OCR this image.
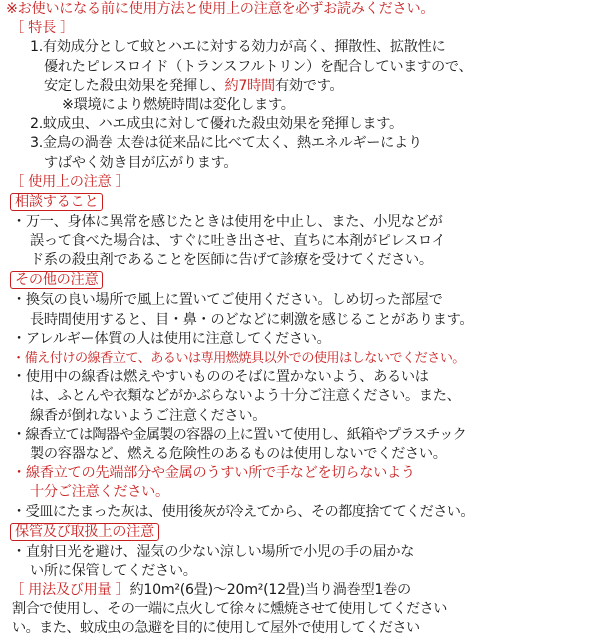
※お使いになる前に使用方法と使用上の注意を必ずお読みください。
［ 特長 ］
1.有効成分として蚊とハエに対する効力が高く、揮散性、拡散性に
優れたピレスロイド（トランスフルトリン）を配合していますので、
安定した殺虫効果を発揮し、約7時間有効です。
※環境により燃焼時間は変化します。
2.蚊成虫、ハエ成虫に対して優れた殺虫効果を発揮します。
3.金鳥の渦巻 太巻は従来品に比べて太く、熱エネルギーにより
すばやく効き目が広がります。
［ 使用上の注意 ］
相談すること
・万一、身体に異常を感じたときは使用を中止し、また、小児などが
誤って食べた場合は、すぐに吐き出させ、直ちに本剤がピレスロイ
ド系の殺虫剤であることを医師に告げて診療を受けてください。
その他の注意
・換気の良い場所で風上に置いてご使用ください。しめ切った部屋で
長時間使用すると、目・鼻・のどなどに刺激を感じることがあります。
・アレルギー体質の人は使用に注意してください。
・備え付けの線香立て、あるいは専用燃焼具以外での使用はしないでください。
・使用中の線香は燃えやすいもののそばに置かないよう、あるいは
は、ふとんや衣類などがかぶらないよう十分ご注意ください。また、
線香が倒れないようご注意ください。
・線香立ては陶器や金属製の容器の上に置いて使用し、紙箱やプラスチック
製の容器など、燃える危険性のあるものは使用しないでください。
・線香立ての先端部分や金属のうすい所で手などを切らないよう
十分ご注意ください。
・受皿にたまった灰は、使用後灰が冷えてから、その都度捨ててください。
保管及び取扱上の注意
・直射日光を避け、湿気の少ない涼しい場所で小児の手の届かな
い所に保管してください。
［ 用法及び用量 ］約10m²(6畳)〜20m²(12畳)当り渦巻型1巻の
割合で使用し、その一端に点火して徐々に燻焼させて使用してください
い。また、蚊成虫の急避を目的に使用して屋外で使用してください
